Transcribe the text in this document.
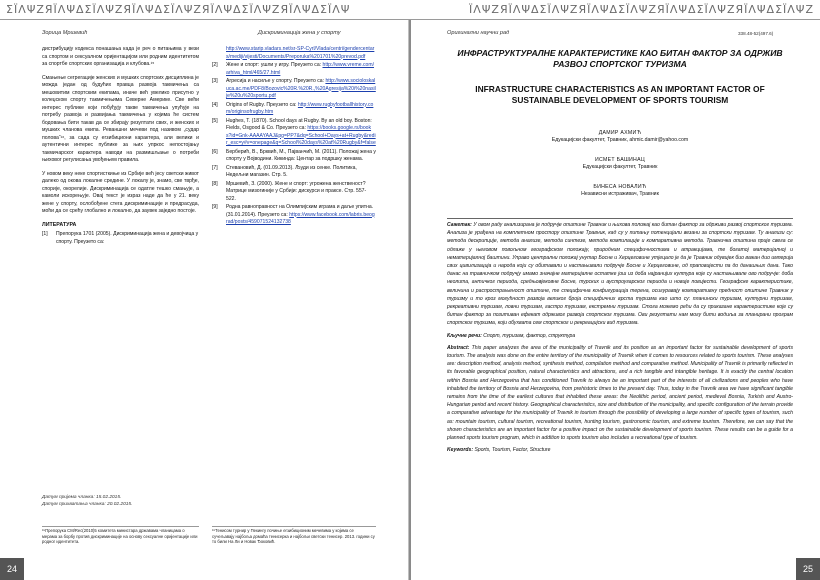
ΣΪΛΨΖЯΪΛΨΔΣΪΛΨΖЯΪΛΨΔΣΪΛΨΖЯΪΛΨΔΣΪΛΨΖЯΪΛΨΔΣΪΛΨ	ΪΛΨΖЯΪΛΨΔΣΪΛΨΖЯΪΛΨΔΣΪΛΨΖЯΪΛΨΔΣΪΛΨΖЯΪΛΨΔΣΪΛΨΖ
Зорица Мршевић	Дискриминација жена у спорту

дистрибуцију кодекса понашања када је реч о питањима у вези са спортом и сексуалном оријентацијом или родним идентитетом за спортбе спортских организација и клубова.¹⁵

Смањење сегрегације женских и мушких спортских дисциплина је можда један од будућих правца развоја такмичења са мешовитим спортским екипама, иначе већ увелико присутно у колеџском спорту такмичењима Северне Америке. Све већи интерес публике који побуђују такве такмичења упућује на потребу развоја и развијања такмичења у којима ће систем бодовања бити такав да се збирају резултати свих, и женских и мушких чланова екипа. Реваншни мечеви под називом „судар полова“¹⁶, за сада су егзибициони карактера, али велики и аутентични интерес публике за њих упркос непостојању такмичарског карактера наводи на размишљање о потреби њиховог регулисања увођењем правила.

У новом веку неке спортисткиње из Србије већ јесу светски живот далеко од окова локалне средине. У локалу је, знамо, све тврђе, спорије, окорелије. Дискриминација се одатле тешко смањује, а камоли искорењује. Овај текст је израз наде да ће у 21. веку жене у спорту, ослобођене стега дискриминације и предрасуда, моћи да се срећу глобално и локално, да заувек заједно постоје.

ЛИТЕРАТУРА
[1]	Препорука 1701 (2005). Дискриминација жена и девојчица у спорту. Преузето са:
http://www.starip.vladars.net/sr-SP-Cyrl/Vlada/centri/gendercentars/mediji/vijesti/Documents/Preporuka%201701%20prevod.pdf
[2]	Жене и спорт: ушли у игру. Преузето са: http://www.vreme.com/arhiva_html/465/27.html
[3]	Агресија и насиље у спорту. Преузето са: http://www.socioloskaluca.ac.me/PDF8/Bozovic%20R.%20R.,%20Agresija%20i%20nasilje%20u%20sportu.pdf
[4]	Origins of Rugby. Преузето са: http://www.rugbyfootballhistory.com/originsofrugby.htm
[5]	Hughes, T. (1870). School days at Rugby. By an old boy. Boston: Fields, Osgood & Co. Преузето са: https://books.google.rs/books?id=Gnk-AAAAYAAJ&pg=PP7&dq=School+Days+at+Rugby&redir_esc=y#v=onepage&q=School%20days%20at%20Rugby&f=false
[6]	Берберић, В., Брквић, М., Пајванчић, М. (2011). Положај жена у спорту у Војводини. Кикинда: Центар за подршку женама.
[7]	Стевановић, Д. (01.09.2013). Људи из сенке. Политика, Недељни магазин. Стр. 5.
[8]	Мршевић, З. (2000). Жене и спорт: угрожена женственост? Матрице мизогиније у Србији: дискурси и праксе. Стр. 557-522.
[9]	Родна равноправност на Олимпијским играма и даље упитна. (31.01.2014). Преузето са: https://www.facebook.com/labris.beograd/posts/459071524132738
Датум пријема чланка: 15.02.2015.
Датум прихватања чланка: 20.02.2015.
¹⁵Препорука CM/Rec(2010)5 комитета министара државама чланицама о мерама за борбу против дискриминације на основу сексуалне оријентације или родног идентитета.
¹⁶Тенисом турнир у Пекингу почиње егзибиционим мечевима у којима се сучељавају најбоља домаћа тенисерка и најбољи светски тенисер. 2013. години су то били На Ли и Новак Ђоковић.
24
Оригинални научни рад	338.48-52(497.6)
ИНФРАСТРУКТУРАЛНЕ КАРАКТЕРИСТИКЕ КАО БИТАН ФАКТОР ЗА ОДРЖИВ РАЗВОЈ СПОРТСКОГ ТУРИЗМА
INFRASTRUCTURE CHARACTERISTICS AS AN IMPORTANT FACTOR OF SUSTAINABLE DEVELOPMENT OF SPORTS TOURISM
ДАМИР АХМИЋ
Едукацијски факултет, Травник, ahmic.damir@yahoo.com
ИСМЕТ БАШИНАЦ
Едукацијски факултет, Травник
БИНЕСА НОВАЛИЋ
Независни истраживач, Травник
Сажетак: У овом раду анализирана је подручје општине Травник и њихова положај као битан фактор за одрживи развој спортског туризма. Анализа је урађена на комплетном простору општине Травник, кад су у питању потенцијали везани за спортски туризам. Ту анализи су: метода дескрипције, метода анализе, метода синтезе, метода компилације и компаративна метода. Травничка општина прије свега се одлаже у његовом повољном географском положају, природним специфичностима и атракцијама, те богатој материјалној и нематеријалној баштини. Управо централни положај унутар Босне и Херцеговине утјецало је да је Травник одувијек био важан дио империја свих цивилизација и народа који су обитавали и настањивали подручје Босне и Херцеговине, од праповијести па до данашњих дана. Тако данас на травничком подручју имамо значајне материјалне остатке још из доба најранијих култура које су настањивале ово подручје: доба неолита, античког периода, средњовјековне Босне, турских и аустроугарског периода и новије повијести. Географске карактеристике, величина и распрострањеност општине, те специфична конфигурација терена, осигуравају компаративну предност општине Травник у туризму и то кроз могућност развоја великог броја специфичних врста туризма као што су: планински туризам, културни туризам, рекреативни туризам, ловни туризам, гастро туризам, екстремни туризам. Стога можемо рећи да су приказане карактеристике које су битан фактор за позитиван ефекат одрживог развоја спортског туризма. Ови резултати нам могу бити водиља за планирани програм спортског туризма, који обухвата сем спортског и рекреацијски вид туризма.
Кључне речи: Спорт, туризам, фактор, структура
Abstract: This paper analyzes the area of the municipality of Travnik and its position as an important factor for sustainable development of sports tourism. The analysis was done on the entire territory of the municipality of Travnik when it comes to resources related to sports tourism. These analyses are: description method, analysis method, synthesis method, compilation method and comparative method. Municipality of Travnik is primarily reflected in its favorable geographical position, natural characteristics and attractions, and a rich tangible and intangible heritage. It is exactly the central location within Bosnia and Herzegovina that has conditioned Travnik to always be an important part of the interests of all civilizations and peoples who have inhabited the territory of Bosnia and Herzegovina, from prehistoric times to the present day. Thus, today in the Travnik area we have significant tangible remains from the time of the earliest cultures that inhabited these areas: the Neolithic period, ancient period, medieval Bosnia, Turkish and Austro-Hungarian period and recent history. Geographical characteristics, size and distribution of the municipality, and specific configuration of the terrain provide a comparative advantage for the municipality of Travnik in tourism through the possibility of developing a large number of specific types of tourism, such as: mountain tourism, cultural tourism, recreational tourism, hunting tourism, gastronomic tourism, and extreme tourism. Therefore, we can say that the shown characteristics are an important factor for a positive impact on the sustainable development of sports tourism. These results can be a guide for a planned sports tourism program, which in addition to sports tourism also includes a recreational type of tourism.
Keywords: Sports, Tourism, Factor, Structure
25
